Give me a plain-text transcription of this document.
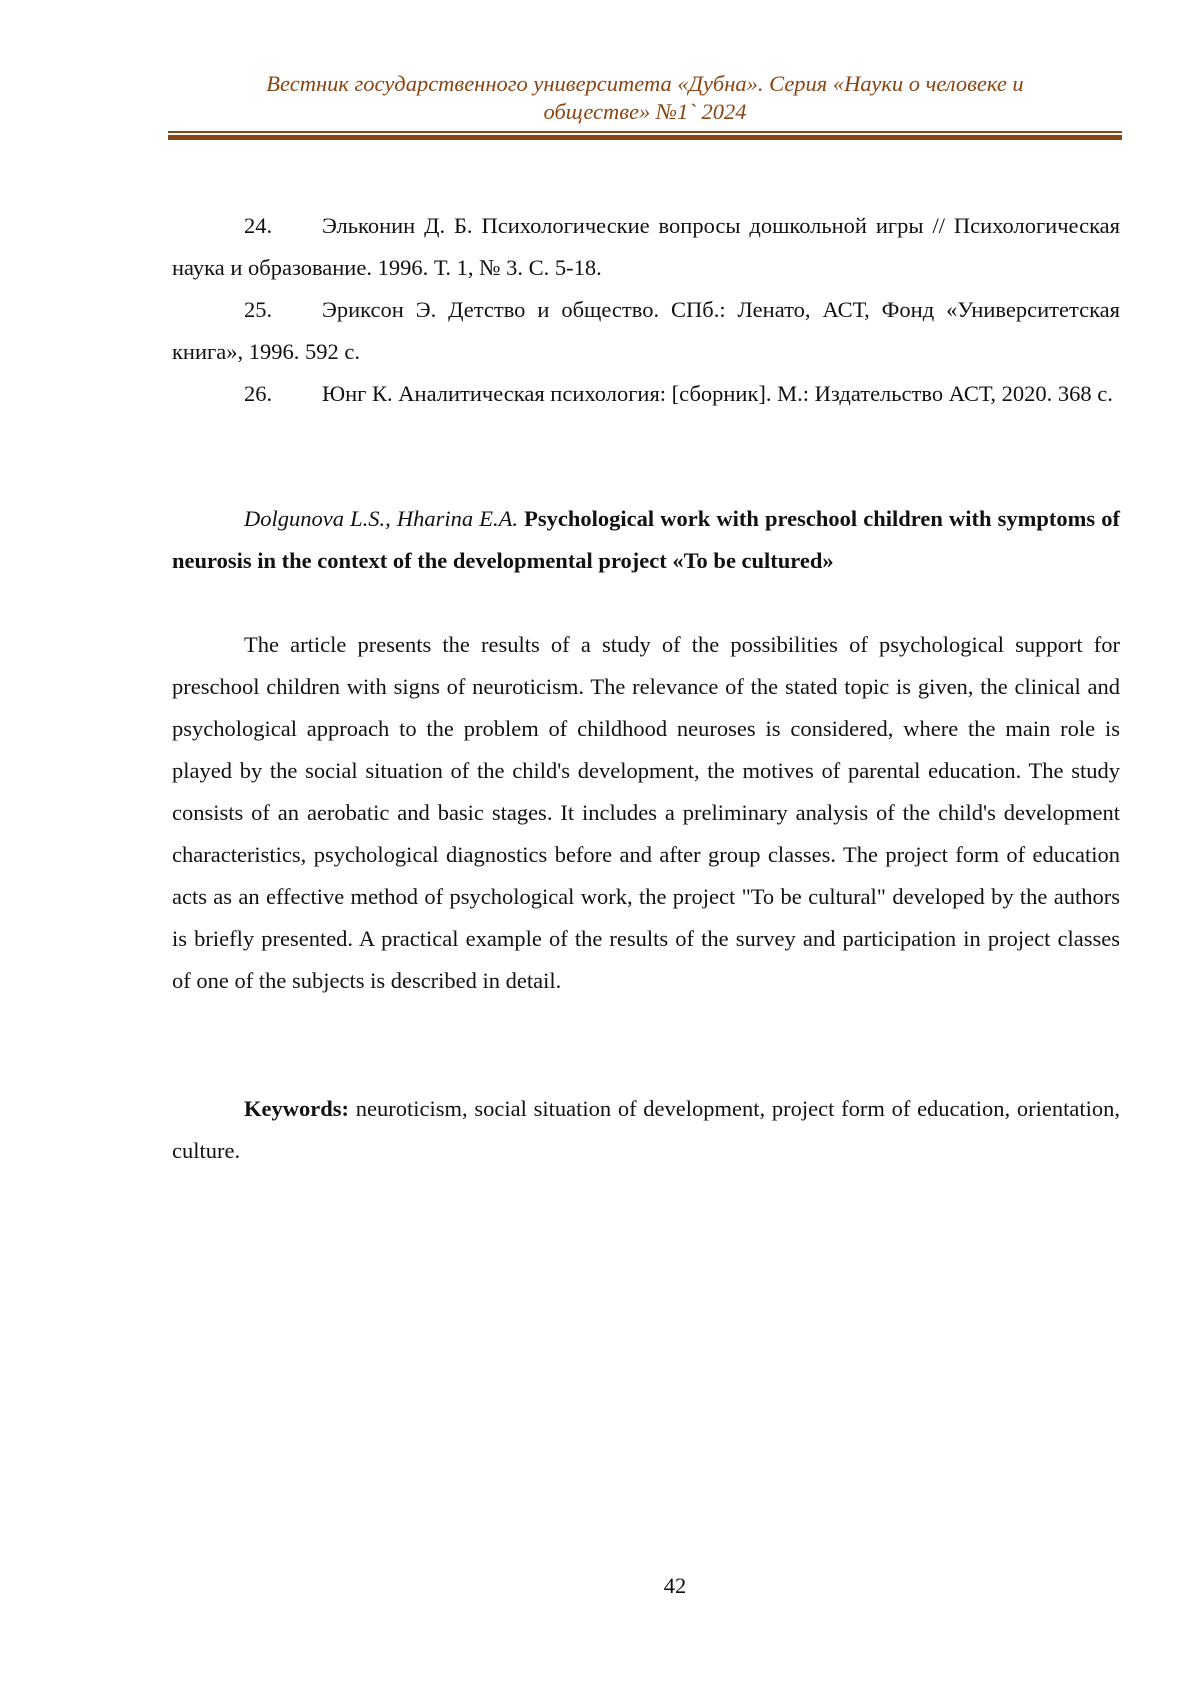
Вестник государственного университета «Дубна». Серия «Науки о человеке и
обществе» №1` 2024

24. Эльконин Д. Б. Психологические вопросы дошкольной игры // Психологическая наука и образование. 1996. Т. 1, № 3. С. 5-18.

25. Эриксон Э. Детство и общество. СПб.: Ленато, АСТ, Фонд «Университетская книга», 1996. 592 с.

26. Юнг К. Аналитическая психология: [сборник]. М.: Издательство АСТ, 2020. 368 с.

Dolgunova L.S., Hharina E.A. Psychological work with preschool children with symptoms of neurosis in the context of the developmental project «To be cultured»

The article presents the results of a study of the possibilities of psychological support for preschool children with signs of neuroticism. The relevance of the stated topic is given, the clinical and psychological approach to the problem of childhood neuroses is considered, where the main role is played by the social situation of the child's development, the motives of parental education. The study consists of an aerobatic and basic stages. It includes a preliminary analysis of the child's development characteristics, psychological diagnostics before and after group classes. The project form of education acts as an effective method of psychological work, the project "To be cultural" developed by the authors is briefly presented. A practical example of the results of the survey and participation in project classes of one of the subjects is described in detail.

Keywords: neuroticism, social situation of development, project form of education, orientation, culture.

42
